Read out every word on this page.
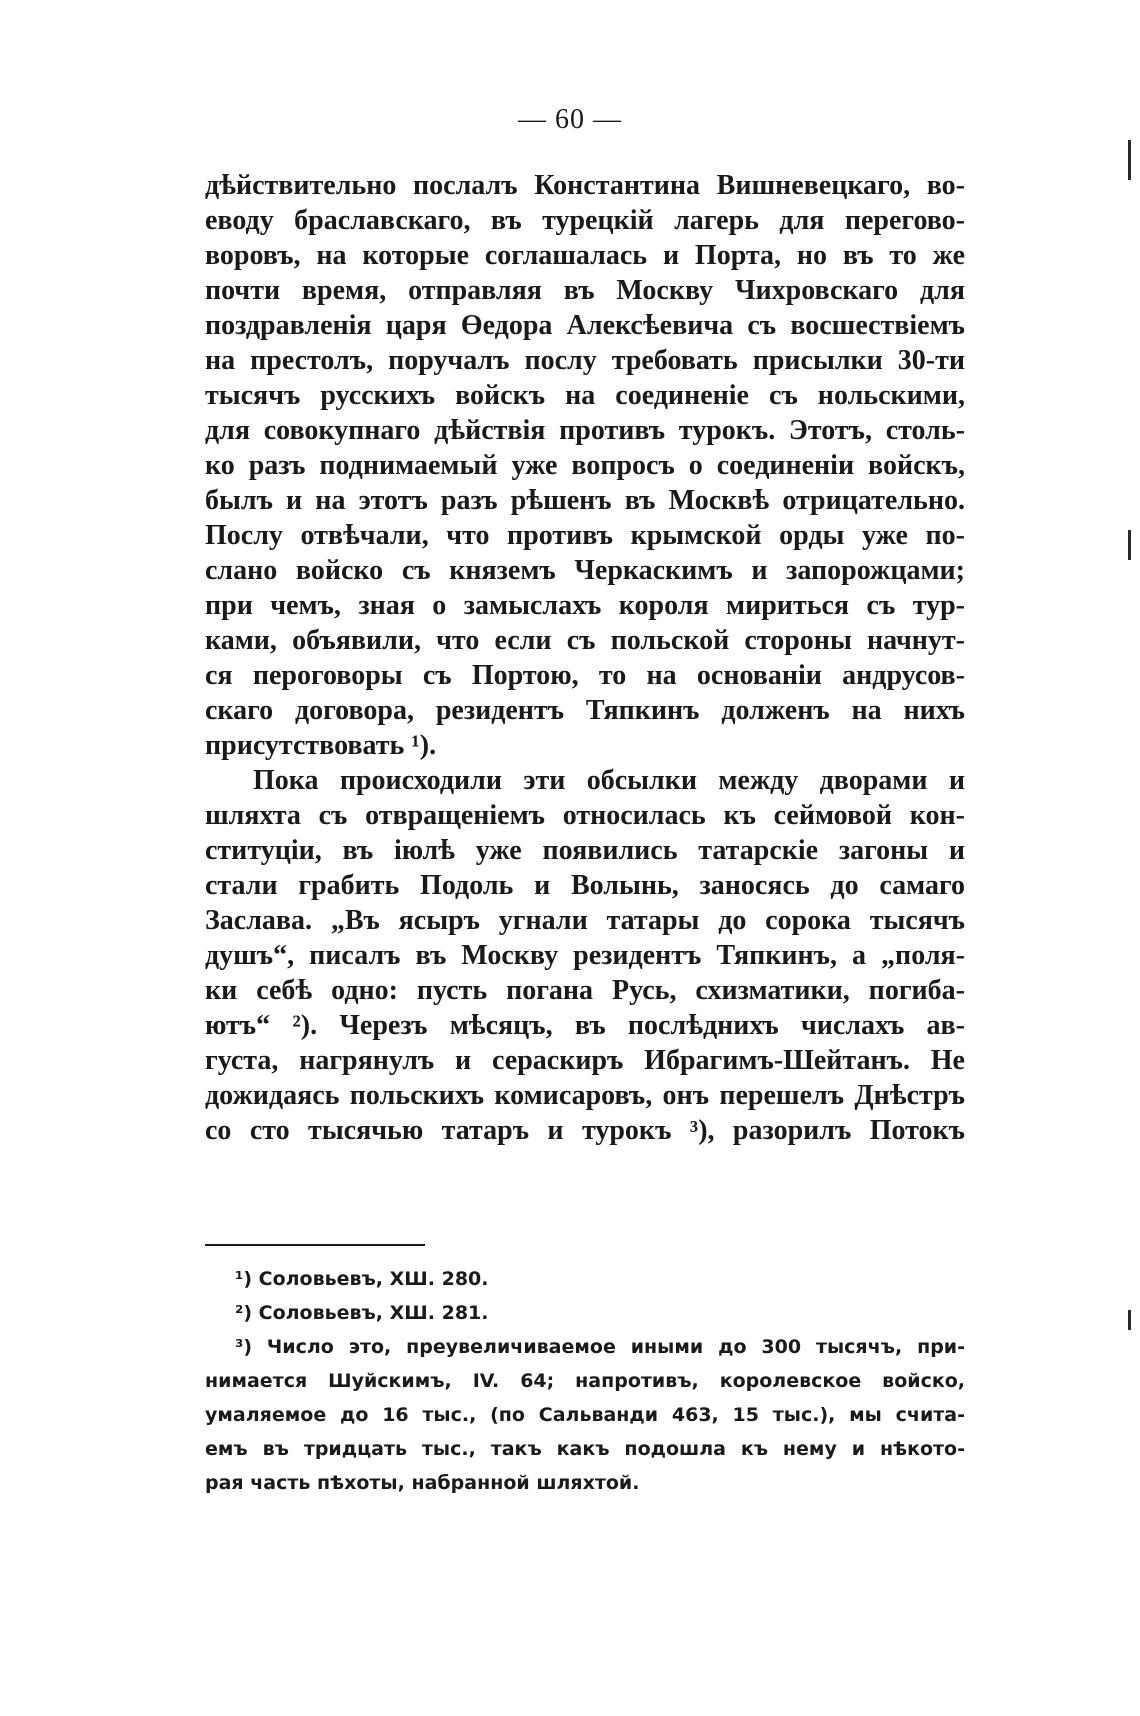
— 60 —
дѣйствительно послалъ Константина Вишневецкаго, во-
еводу браславскаго, въ турецкій лагерь для перегово-
воровъ, на которые соглашалась и Порта, но въ то же
почти время, отправляя въ Москву Чихровскаго для
поздравленія царя Өедора Алексѣевича съ восшествіемъ
на престолъ, поручалъ послу требовать присылки 30-ти
тысячъ русскихъ войскъ на соединеніе съ нольскими,
для совокупнаго дѣйствія противъ турокъ. Этотъ, столь-
ко разъ поднимаемый уже вопросъ о соединеніи войскъ,
былъ и на этотъ разъ рѣшенъ въ Москвѣ отрицательно.
Послу отвѣчали, что противъ крымской орды уже по-
слано войско съ княземъ Черкаскимъ и запорожцами;
при чемъ, зная о замыслахъ короля мириться съ тур-
ками, объявили, что если съ польской стороны начнут-
ся пероговоры съ Портою, то на основаніи андрусов-
скаго договора, резидентъ Тяпкинъ долженъ на нихъ
присутствовать ¹).
Пока происходили эти обсылки между дворами и
шляхта съ отвращеніемъ относилась къ сеймовой кон-
ституціи, въ іюлѣ уже появились татарскіе загоны и
стали грабить Подоль и Волынь, заносясь до самаго
Заслава. „Въ ясыръ угнали татары до сорока тысячъ
душъ“, писалъ въ Москву резидентъ Тяпкинъ, а „поля-
ки себѣ одно: пусть погана Русь, схизматики, погиба-
ютъ“ ²). Черезъ мѣсяцъ, въ послѣднихъ числахъ ав-
густа, нагрянулъ и сераскиръ Ибрагимъ-Шейтанъ. Не
дожидаясь польскихъ комисаровъ, онъ перешелъ Днѣстръ
со сто тысячью татаръ и турокъ ³), разорилъ Потокъ
¹) Соловьевъ, ХШ. 280.
²) Соловьевъ, ХШ. 281.
³) Число это, преувеличиваемое иными до 300 тысячъ, при-
нимается Шуйскимъ, IV. 64; напротивъ, королевское войско,
умаляемое до 16 тыс., (по Сальванди 463, 15 тыс.), мы счита-
емъ въ тридцать тыс., такъ какъ подошла къ нему и нѣкото-
рая часть пѣхоты, набранной шляхтой.
